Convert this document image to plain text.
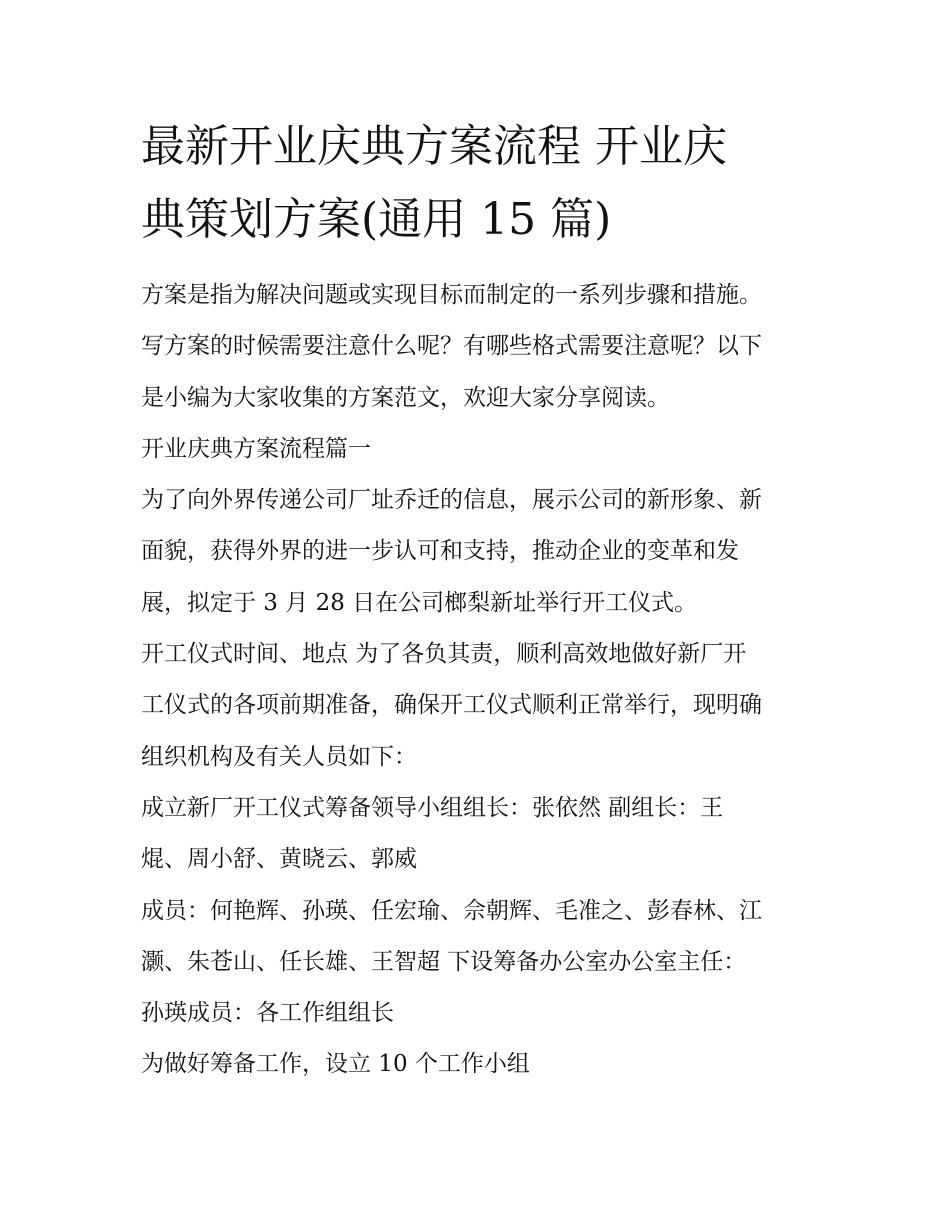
最新开业庆典方案流程 开业庆
典策划方案(通用 15 篇)
方案是指为解决问题或实现目标而制定的一系列步骤和措施。
写方案的时候需要注意什么呢？有哪些格式需要注意呢？以下
是小编为大家收集的方案范文，欢迎大家分享阅读。
开业庆典方案流程篇一
为了向外界传递公司厂址乔迁的信息，展示公司的新形象、新
面貌，获得外界的进一步认可和支持，推动企业的变革和发
展，拟定于 3 月 28 日在公司榔梨新址举行开工仪式。
开工仪式时间、地点 为了各负其责，顺利高效地做好新厂开
工仪式的各项前期准备，确保开工仪式顺利正常举行，现明确
组织机构及有关人员如下：
成立新厂开工仪式筹备领导小组组长：张依然 副组长：王
焜、周小舒、黄晓云、郭威
成员：何艳辉、孙瑛、任宏瑜、佘朝辉、毛准之、彭春林、江
灏、朱苍山、任长雄、王智超 下设筹备办公室办公室主任：
孙瑛成员：各工作组组长
为做好筹备工作，设立 10 个工作小组
